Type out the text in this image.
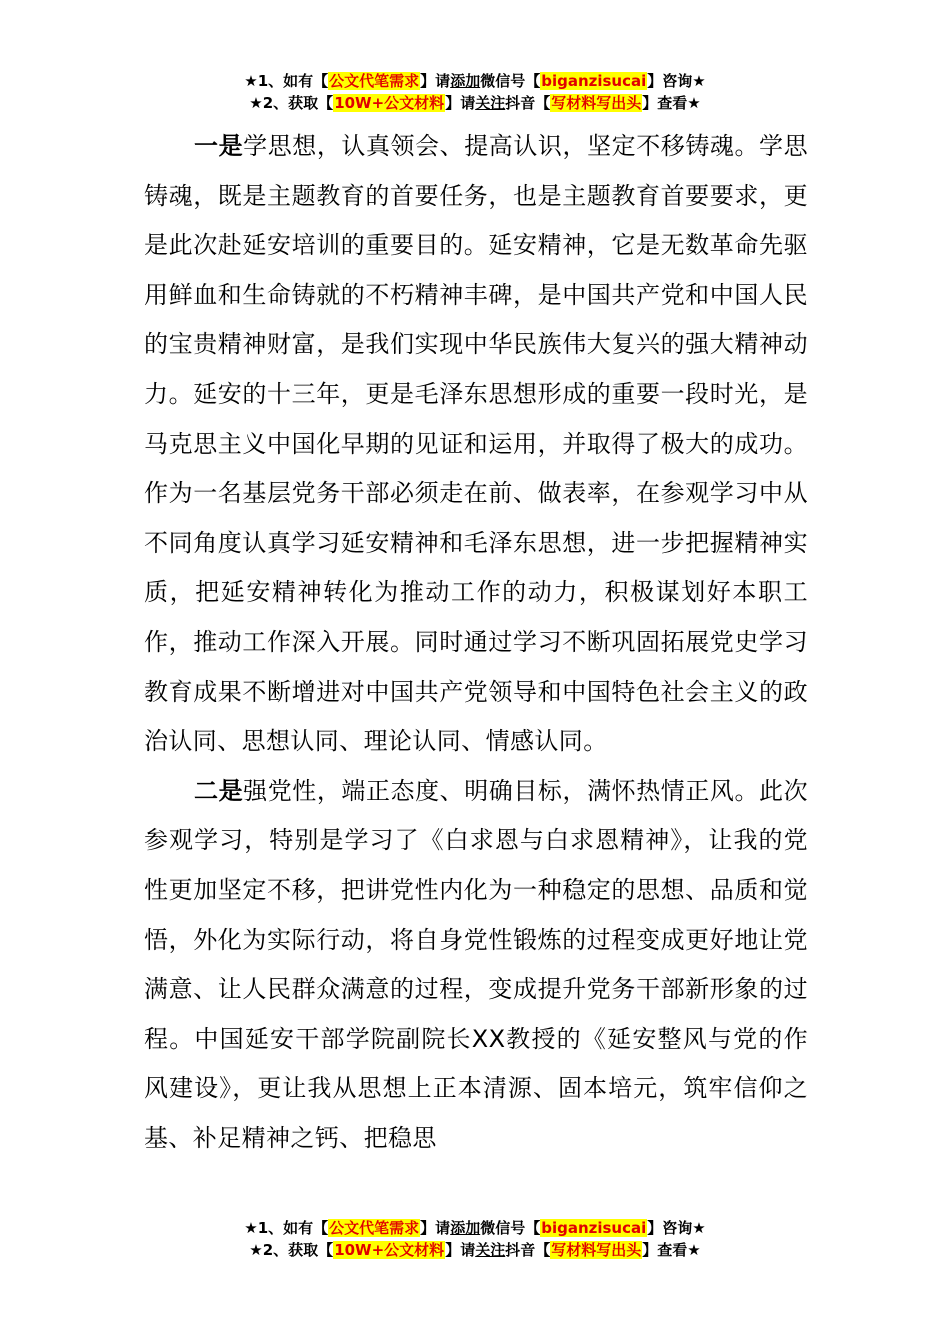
★1、如有【公文代笔需求】请添加微信号【biganzisucai】咨询★
★2、获取【10W+公文材料】请关注抖音【写材料写出头】查看★

一是学思想，认真领会、提高认识，坚定不移铸魂。学思铸魂，既是主题教育的首要任务，也是主题教育首要要求，更是此次赴延安培训的重要目的。延安精神，它是无数革命先驱用鲜血和生命铸就的不朽精神丰碑，是中国共产党和中国人民的宝贵精神财富，是我们实现中华民族伟大复兴的强大精神动力。延安的十三年，更是毛泽东思想形成的重要一段时光，是马克思主义中国化早期的见证和运用，并取得了极大的成功。作为一名基层党务干部必须走在前、做表率，在参观学习中从不同角度认真学习延安精神和毛泽东思想，进一步把握精神实质，把延安精神转化为推动工作的动力，积极谋划好本职工作，推动工作深入开展。同时通过学习不断巩固拓展党史学习教育成果不断增进对中国共产党领导和中国特色社会主义的政治认同、思想认同、理论认同、情感认同。

二是强党性，端正态度、明确目标，满怀热情正风。此次参观学习，特别是学习了《白求恩与白求恩精神》，让我的党性更加坚定不移，把讲党性内化为一种稳定的思想、品质和觉悟，外化为实际行动，将自身党性锻炼的过程变成更好地让党满意、让人民群众满意的过程，变成提升党务干部新形象的过程。中国延安干部学院副院长XX教授的《延安整风与党的作风建设》，更让我从思想上正本清源、固本培元，筑牢信仰之基、补足精神之钙、把稳思

★1、如有【公文代笔需求】请添加微信号【biganzisucai】咨询★
★2、获取【10W+公文材料】请关注抖音【写材料写出头】查看★
